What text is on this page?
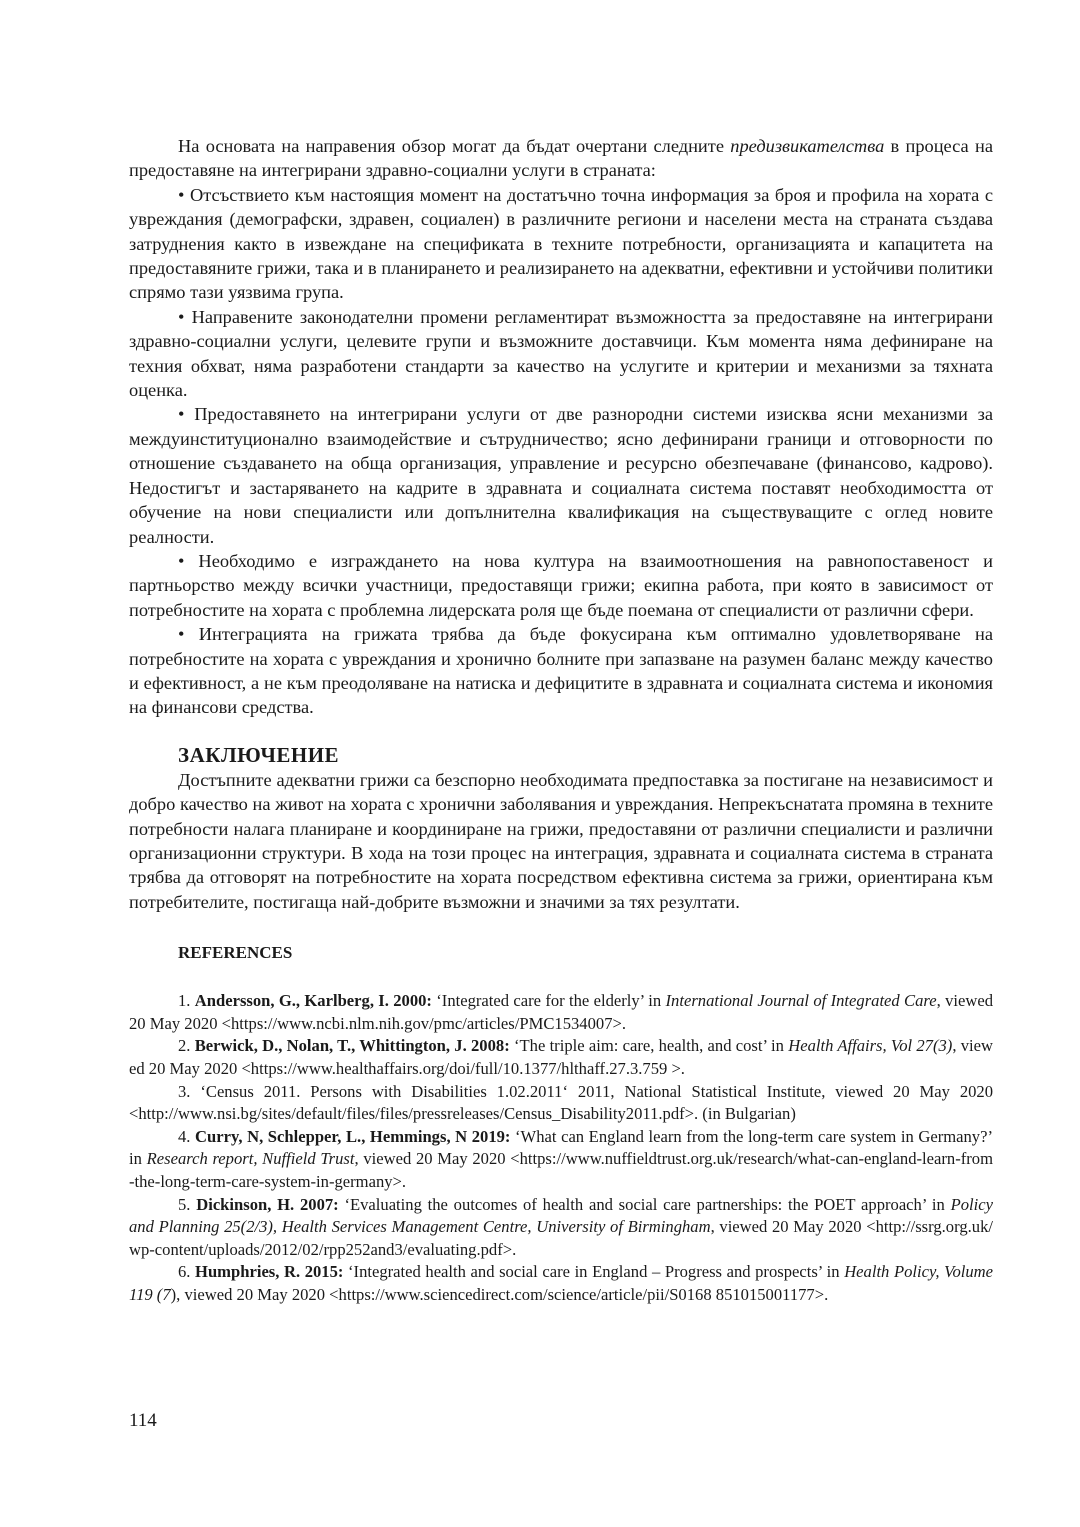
На основата на направения обзор могат да бъдат очертани следните предизвикателства в процеса на предоставяне на интегрирани здравно-социални услуги в страната:

• Отсъствието към настоящия момент на достатъчно точна информация за броя и профила на хората с увреждания (демографски, здравен, социален) в различните региони и населени места на страната създава затруднения както в извеждане на спецификата в техните потребности, организацията и капацитета на предоставяните грижи, така и в планирането и реализирането на адекватни, ефективни и устойчиви политики спрямо тази уязвима група.

• Направените законодателни промени регламентират възможността за предоставяне на интегрирани здравно-социални услуги, целевите групи и възможните доставчици. Към момента няма дефиниране на техния обхват, няма разработени стандарти за качество на услугите и критерии и механизми за тяхната оценка.

• Предоставянето на интегрирани услуги от две разнородни системи изисква ясни механизми за междуинституционално взаимодействие и сътрудничество; ясно дефинирани граници и отговорности по отношение създаването на обща организация, управление и ресурсно обезпечаване (финансово, кадрово). Недостигът и застаряването на кадрите в здравната и социалната система поставят необходимостта от обучение на нови специалисти или допълнителна квалификация на съществуващите с оглед новите реалности.

• Необходимо е изграждането на нова култура на взаимоотношения на равнопоставеност и партньорство между всички участници, предоставящи грижи; екипна работа, при която в зависимост от потребностите на хората с проблемна лидерската роля ще бъде поемана от специалисти от различни сфери.

• Интеграцията на грижата трябва да бъде фокусирана към оптимално удовлетворяване на потребностите на хората с увреждания и хронично болните при запазване на разумен баланс между качество и ефективност, а не към преодоляване на натиска и дефицитите в здравната и социалната система и икономия на финансови средства.

ЗАКЛЮЧЕНИЕ

Достъпните адекватни грижи са безспорно необходимата предпоставка за постигане на независимост и добро качество на живот на хората с хронични заболявания и увреждания. Непрекъснатата промяна в техните потребности налага планиране и координиране на грижи, предоставяни от различни специалисти и различни организационни структури. В хода на този процес на интеграция, здравната и социалната система в страната трябва да отговорят на потребностите на хората посредством ефективна система за грижи, ориентирана към потребителите, постигаща най-добрите възможни и значими за тях резултати.

REFERENCES

1. Andersson, G., Karlberg, I. 2000: ‘Integrated care for the elderly’ in International Journal of Integrated Care, viewed 20 May 2020 <https://www.ncbi.nlm.nih.gov/pmc/articles/PMC1534007>.

2. Berwick, D., Nolan, T., Whittington, J. 2008: ‘The triple aim: care, health, and cost’ in Health Affairs, Vol 27(3), viewed 20 May 2020 <https://www.healthaffairs.org/doi/full/10.1377/hlthaff.27.3.759 >.

3. ‘Census 2011. Persons with Disabilities 1.02.2011‘ 2011, National Statistical Institute, viewed 20 May 2020 <http://www.nsi.bg/sites/default/files/files/pressreleases/Census_Disability2011.pdf>. (in Bulgarian)

4. Curry, N, Schlepper, L., Hemmings, N 2019: ‘What can England learn from the long-term care system in Germany?’ in Research report, Nuffield Trust, viewed 20 May 2020 <https://www.nuffieldtrust.org.uk/research/what-can-england-learn-from-the-long-term-care-system-in-germany>.

5. Dickinson, H. 2007: ‘Evaluating the outcomes of health and social care partnerships: the POET approach’ in Policy and Planning 25(2/3), Health Services Management Centre, University of Birmingham, viewed 20 May 2020 <http://ssrg.org.uk/wp-content/uploads/2012/02/rpp252and3/evaluating.pdf>.

6. Humphries, R. 2015: ‘Integrated health and social care in England – Progress and prospects’ in Health Policy, Volume 119 (7), viewed 20 May 2020 <https://www.sciencedirect.com/science/article/pii/S0168 851015001177>.

114
